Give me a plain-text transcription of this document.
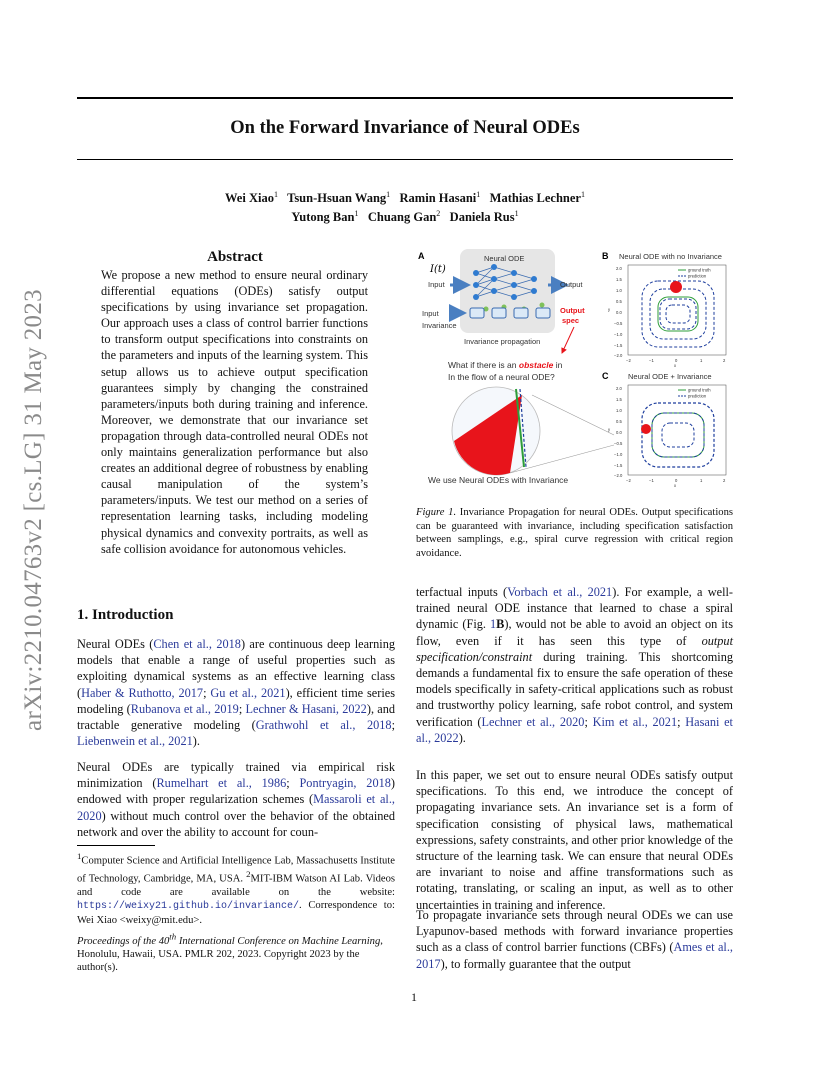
arXiv:2210.04763v2 [cs.LG] 31 May 2023
On the Forward Invariance of Neural ODEs
Wei Xiao$^1$ Tsun-Hsuan Wang$^1$ Ramin Hasani$^1$ Mathias Lechner$^1$
Yutong Ban$^1$ Chuang Gan$^2$ Daniela Rus$^1$
Abstract
We propose a new method to ensure neural ordinary differential equations (ODEs) satisfy output specifications by using invariance set propagation. Our approach uses a class of control barrier functions to transform output specifications into constraints on the parameters and inputs of the learning system. This setup allows us to achieve output specification guarantees simply by changing the constrained parameters/inputs both during training and inference. Moreover, we demonstrate that our invariance set propagation through data-controlled neural ODEs not only maintains generalization performance but also creates an additional degree of robustness by enabling causal manipulation of the system’s parameters/inputs. We test our method on a series of representation learning tasks, including modeling physical dynamics and convexity portraits, as well as safe collision avoidance for autonomous vehicles.
1. Introduction
Neural ODEs (Chen et al., 2018) are continuous deep learning models that enable a range of useful properties such as exploiting dynamical systems as an effective learning class (Haber & Ruthotto, 2017; Gu et al., 2021), efficient time series modeling (Rubanova et al., 2019; Lechner & Hasani, 2022), and tractable generative modeling (Grathwohl et al., 2018; Liebenwein et al., 2021).
Neural ODEs are typically trained via empirical risk minimization (Rumelhart et al., 1986; Pontryagin, 2018) endowed with proper regularization schemes (Massaroli et al., 2020) without much control over the behavior of the obtained network and over the ability to account for coun-
$^1$Computer Science and Artificial Intelligence Lab, Massachusetts Institute of Technology, Cambridge, MA, USA. $^2$MIT-IBM Watson AI Lab. Videos and code are available on the website: https://weixy21.github.io/invariance/. Correspondence to: Wei Xiao <weixy@mit.edu>.
Proceedings of the 40th International Conference on Machine Learning, Honolulu, Hawaii, USA. PMLR 202, 2023. Copyright 2023 by the author(s).
A	Neural ODE
I(t)
Input	Output
Input
Invariance
Output
spec
Invariance propagation
What if there is an obstacle in
In the flow of a neural ODE?
We use Neural ODEs with Invariance
B Neural ODE with no Invariance
2.0
1.5
1.0
0.5
0.0
−0.5
−1.0
−1.5
−2.0
−2	−1	0	1	2
x
y
ground truth
prediction
C	Neural ODE + Invariance
2.0
1.5
1.0
0.5
0.0
−0.5
−1.0
−1.5
−2.0
−2	−1	0	1	2
x
y
ground truth
prediction
Figure 1. Invariance Propagation for neural ODEs. Output specifications can be guaranteed with invariance, including specification satisfaction between samplings, e.g., spiral curve regression with critical region avoidance.
terfactual inputs (Vorbach et al., 2021). For example, a well-trained neural ODE instance that learned to chase a spiral dynamic (Fig. 1B), would not be able to avoid an object on its flow, even if it has seen this type of output specification/constraint during training. This shortcoming demands a fundamental fix to ensure the safe operation of these models specifically in safety-critical applications such as robust and trustworthy policy learning, safe robot control, and system verification (Lechner et al., 2020; Kim et al., 2021; Hasani et al., 2022).
In this paper, we set out to ensure neural ODEs satisfy output specifications. To this end, we introduce the concept of propagating invariance sets. An invariance set is a form of specification consisting of physical laws, mathematical expressions, safety constraints, and other prior knowledge of the structure of the learning task. We can ensure that neural ODEs are invariant to noise and affine transformations such as rotating, translating, or scaling an input, as well as to other uncertainties in training and inference.
To propagate invariance sets through neural ODEs we can use Lyapunov-based methods with forward invariance properties such as a class of control barrier functions (CBFs) (Ames et al., 2017), to formally guarantee that the output
1
